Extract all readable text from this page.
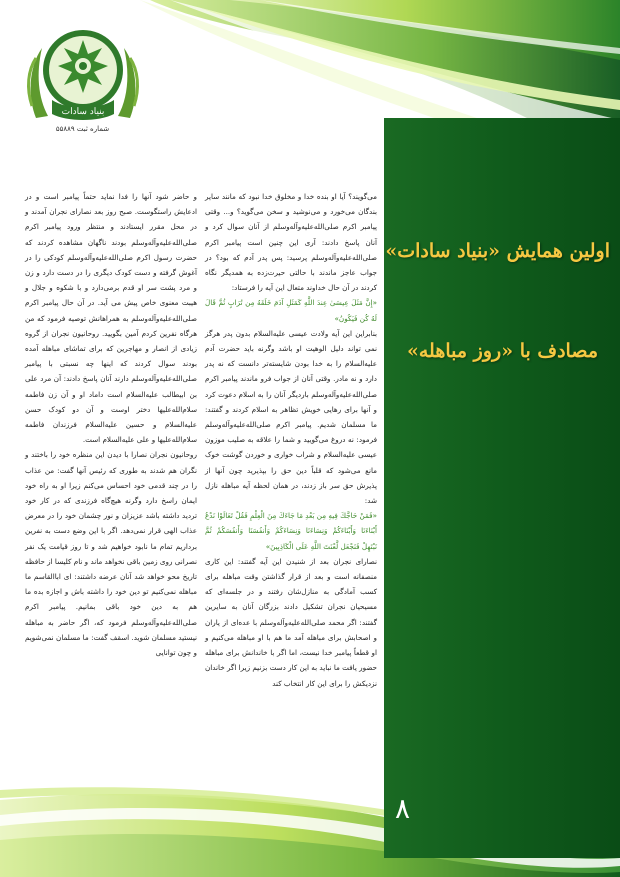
بنیاد سادات
شماره ثبت ۵۵۸۸۹
اولین همایش «بنیاد سادات»
مصادف با «روز مباهله»

می‌گویند؟ آیا او بنده خدا و مخلوق خدا نبود که مانند سایر بندگان می‌خورد و می‌نوشید و سخن می‌گوید؟ و... وقتی پیامبر اکرم صلی‌الله‌علیه‌وآله‌وسلم از آنان سوال کرد و آنان پاسخ دادند: آری این چنین است پیامبر اکرم صلی‌الله‌علیه‌وآله‌وسلم پرسید: پس پدر آدم که بود؟ در جواب عاجز ماندند با حالتی حیرت‌زده به همدیگر نگاه کردند در آن حال خداوند متعال این آیه را فرستاد:

«إِنَّ مَثَلَ عِيسَىٰ عِندَ اللَّهِ كَمَثَلِ آدَمَ خَلَقَهُ مِن تُرَابٍ ثُمَّ قَالَ لَهُ كُن فَيَكُونُ»

بنابراین این آیه ولادت عیسی علیه‌السلام بدون پدر هرگز نمی تواند دلیل الوهیت او باشد وگرنه باید حضرت آدم علیه‌السلام را به خدا بودن شایسته‌تر دانست که نه پدر دارد و نه مادر. وقتی آنان از جواب فرو ماندند پیامبر اکرم صلی‌الله‌علیه‌وآله‌وسلم باردیگر آنان را به اسلام دعوت کرد و آنها برای رهایی خویش تظاهر به اسلام کردند و گفتند: ما مسلمان شدیم. پیامبر اکرم صلی‌الله‌علیه‌وآله‌وسلم فرمود: نه دروغ می‌گویید و شما را علاقه به صلیب موزون عیسی علیه‌السلام و شراب خواری و خوردن گوشت خوک مانع می‌شود که قلباً دین حق را بپذیرید چون آنها از پذیرش حق سر باز زدند، در همان لحظه آیه مباهله نازل شد:

«فَمَنْ حَاجَّكَ فِيهِ مِن بَعْدِ مَا جَاءَكَ مِنَ الْعِلْمِ فَقُلْ تَعَالَوْا نَدْعُ أَبْنَاءَنَا وَأَبْنَاءَكُمْ وَنِسَاءَنَا وَنِسَاءَكُمْ وَأَنفُسَنَا وَأَنفُسَكُمْ ثُمَّ نَبْتَهِلْ فَنَجْعَل لَّعْنَتَ اللَّهِ عَلَى الْكَاذِبِينَ»

نصارای نجران بعد از شنیدن این آیه گفتند: این کاری منصفانه است و بعد از قرار گذاشتن وقت مباهله برای کسب آمادگی به منازل‌شان رفتند و در جلسه‌ای که مسیحیان نجران تشکیل دادند بزرگان آنان به سایرین گفتند: اگر محمد صلی‌الله‌علیه‌وآله‌وسلم با عده‌ای از یاران و اصحابش برای مباهله آمد ما هم با او مباهله می‌کنیم و او قطعاً پیامبر خدا نیست، اما اگر با خاندانش برای مباهله حضور یافت ما نباید به این کار دست بزنیم زیرا اگر خاندان نزدیکش را برای این کار انتخاب کند

و حاضر شود آنها را فدا نماید حتماً پیامبر است و در ادعایش راستگوست. صبح روز بعد نصارای نجران آمدند و در محل مقرر ایستادند و منتظر ورود پیامبر اکرم صلی‌الله‌علیه‌وآله‌وسلم بودند ناگهان مشاهده کردند که حضرت رسول اکرم صلی‌الله‌علیه‌وآله‌وسلم کودکی را در آغوش گرفته و دست کودک دیگری را در دست دارد و زن و مرد پشت سر او قدم برمی‌دارد و با شکوه و جلال و هیبت معنوی خاص پیش می آید. در آن حال پیامبر اکرم صلی‌الله‌علیه‌وآله‌وسلم به همراهانش توصیه فرمود که من هرگاه نفرین کردم آمین بگویید. روحانیون نجران از گروه زیادی از انصار و مهاجرین که برای تماشای مباهله آمده بودند سوال کردند که اینها چه نسبتی با پیامبر صلی‌الله‌علیه‌وآله‌وسلم دارند آنان پاسخ دادند: آن مرد علی بن ابیطالب علیه‌السلام است داماد او و آن زن فاطمه سلام‌الله‌علیها دختر اوست و آن دو کودک حسن علیه‌السلام و حسین علیه‌السلام فرزندان فاطمه سلام‌الله‌علیها و علی علیه‌السلام است.

روحانیون نجران نصارا با دیدن این منظره خود را باختند و نگران هم شدند به طوری که رئیس آنها گفت: من عذاب را در چند قدمی خود احساس می‌کنم زیرا او به راه خود ایمان راسخ دارد وگرنه هیچ‌گاه فرزندی که در کار خود تردید داشته باشد عزیزان و نور چشمان خود را در معرض عذاب الهی قرار نمی‌دهد. اگر با این وضع دست به نفرین برداریم تمام ما نابود خواهیم شد و تا روز قیامت یک نفر نصرانی روی زمین باقی نخواهد ماند و نام کلیسا از حافظه تاریخ محو خواهد شد آنان عرضه داشتند: ای اباالقاسم ما مباهله نمی‌کنیم تو دین خود را داشته باش و اجازه بده ما هم به دین خود باقی بمانیم. پیامبر اکرم صلی‌الله‌علیه‌وآله‌وسلم فرمود که، اگر حاضر به مباهله نیستید مسلمان شوید. اسقف گفت: ما مسلمان نمی‌شویم و چون توانایی

۸
